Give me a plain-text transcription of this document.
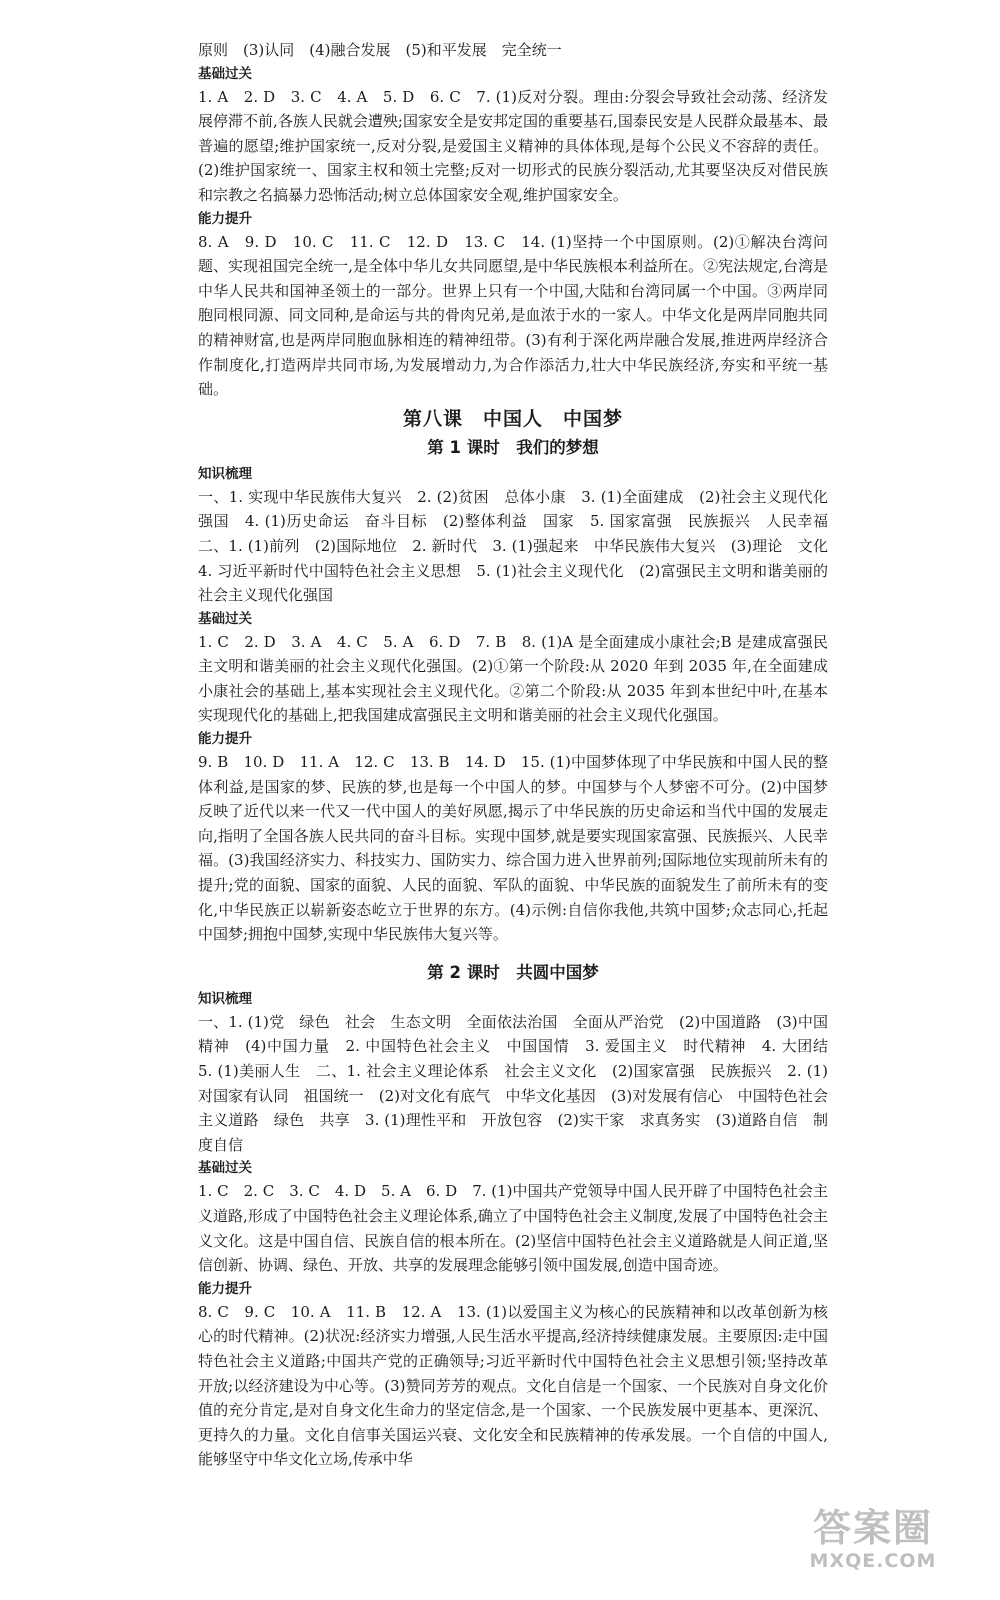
原则　(3)认同　(4)融合发展　(5)和平发展　完全统一

基础过关

1. A　2. D　3. C　4. A　5. D　6. C　7. (1)反对分裂。理由:分裂会导致社会动荡、经济发展停滞不前,各族人民就会遭殃;国家安全是安邦定国的重要基石,国泰民安是人民群众最基本、最普遍的愿望;维护国家统一,反对分裂,是爱国主义精神的具体体现,是每个公民义不容辞的责任。(2)维护国家统一、国家主权和领土完整;反对一切形式的民族分裂活动,尤其要坚决反对借民族和宗教之名搞暴力恐怖活动;树立总体国家安全观,维护国家安全。

能力提升

8. A　9. D　10. C　11. C　12. D　13. C　14. (1)坚持一个中国原则。(2)①解决台湾问题、实现祖国完全统一,是全体中华儿女共同愿望,是中华民族根本利益所在。②宪法规定,台湾是中华人民共和国神圣领土的一部分。世界上只有一个中国,大陆和台湾同属一个中国。③两岸同胞同根同源、同文同种,是命运与共的骨肉兄弟,是血浓于水的一家人。中华文化是两岸同胞共同的精神财富,也是两岸同胞血脉相连的精神纽带。(3)有利于深化两岸融合发展,推进两岸经济合作制度化,打造两岸共同市场,为发展增动力,为合作添活力,壮大中华民族经济,夯实和平统一基础。

第八课　中国人　中国梦
第 1 课时　我们的梦想
知识梳理

一、1. 实现中华民族伟大复兴　2. (2)贫困　总体小康　3. (1)全面建成　(2)社会主义现代化强国　4. (1)历史命运　奋斗目标　(2)整体利益　国家　5. 国家富强　民族振兴　人民幸福　二、1. (1)前列　(2)国际地位　2. 新时代　3. (1)强起来　中华民族伟大复兴　(3)理论　文化　4. 习近平新时代中国特色社会主义思想　5. (1)社会主义现代化　(2)富强民主文明和谐美丽的社会主义现代化强国

基础过关

1. C　2. D　3. A　4. C　5. A　6. D　7. B　8. (1)A 是全面建成小康社会;B 是建成富强民主文明和谐美丽的社会主义现代化强国。(2)①第一个阶段:从 2020 年到 2035 年,在全面建成小康社会的基础上,基本实现社会主义现代化。②第二个阶段:从 2035 年到本世纪中叶,在基本实现现代化的基础上,把我国建成富强民主文明和谐美丽的社会主义现代化强国。

能力提升

9. B　10. D　11. A　12. C　13. B　14. D　15. (1)中国梦体现了中华民族和中国人民的整体利益,是国家的梦、民族的梦,也是每一个中国人的梦。中国梦与个人梦密不可分。(2)中国梦反映了近代以来一代又一代中国人的美好夙愿,揭示了中华民族的历史命运和当代中国的发展走向,指明了全国各族人民共同的奋斗目标。实现中国梦,就是要实现国家富强、民族振兴、人民幸福。(3)我国经济实力、科技实力、国防实力、综合国力进入世界前列;国际地位实现前所未有的提升;党的面貌、国家的面貌、人民的面貌、军队的面貌、中华民族的面貌发生了前所未有的变化,中华民族正以崭新姿态屹立于世界的东方。(4)示例:自信你我他,共筑中国梦;众志同心,托起中国梦;拥抱中国梦,实现中华民族伟大复兴等。

第 2 课时　共圆中国梦
知识梳理

一、1. (1)党　绿色　社会　生态文明　全面依法治国　全面从严治党　(2)中国道路　(3)中国精神　(4)中国力量　2. 中国特色社会主义　中国国情　3. 爱国主义　时代精神　4. 大团结　5. (1)美丽人生　二、1. 社会主义理论体系　社会主义文化　(2)国家富强　民族振兴　2. (1)对国家有认同　祖国统一　(2)对文化有底气　中华文化基因　(3)对发展有信心　中国特色社会主义道路　绿色　共享　3. (1)理性平和　开放包容　(2)实干家　求真务实　(3)道路自信　制度自信

基础过关

1. C　2. C　3. C　4. D　5. A　6. D　7. (1)中国共产党领导中国人民开辟了中国特色社会主义道路,形成了中国特色社会主义理论体系,确立了中国特色社会主义制度,发展了中国特色社会主义文化。这是中国自信、民族自信的根本所在。(2)坚信中国特色社会主义道路就是人间正道,坚信创新、协调、绿色、开放、共享的发展理念能够引领中国发展,创造中国奇迹。

能力提升

8. C　9. C　10. A　11. B　12. A　13. (1)以爱国主义为核心的民族精神和以改革创新为核心的时代精神。(2)状况:经济实力增强,人民生活水平提高,经济持续健康发展。主要原因:走中国特色社会主义道路;中国共产党的正确领导;习近平新时代中国特色社会主义思想引领;坚持改革开放;以经济建设为中心等。(3)赞同芳芳的观点。文化自信是一个国家、一个民族对自身文化价值的充分肯定,是对自身文化生命力的坚定信念,是一个国家、一个民族发展中更基本、更深沉、更持久的力量。文化自信事关国运兴衰、文化安全和民族精神的传承发展。一个自信的中国人,能够坚守中华文化立场,传承中华

答案圈
MXQE.COM
